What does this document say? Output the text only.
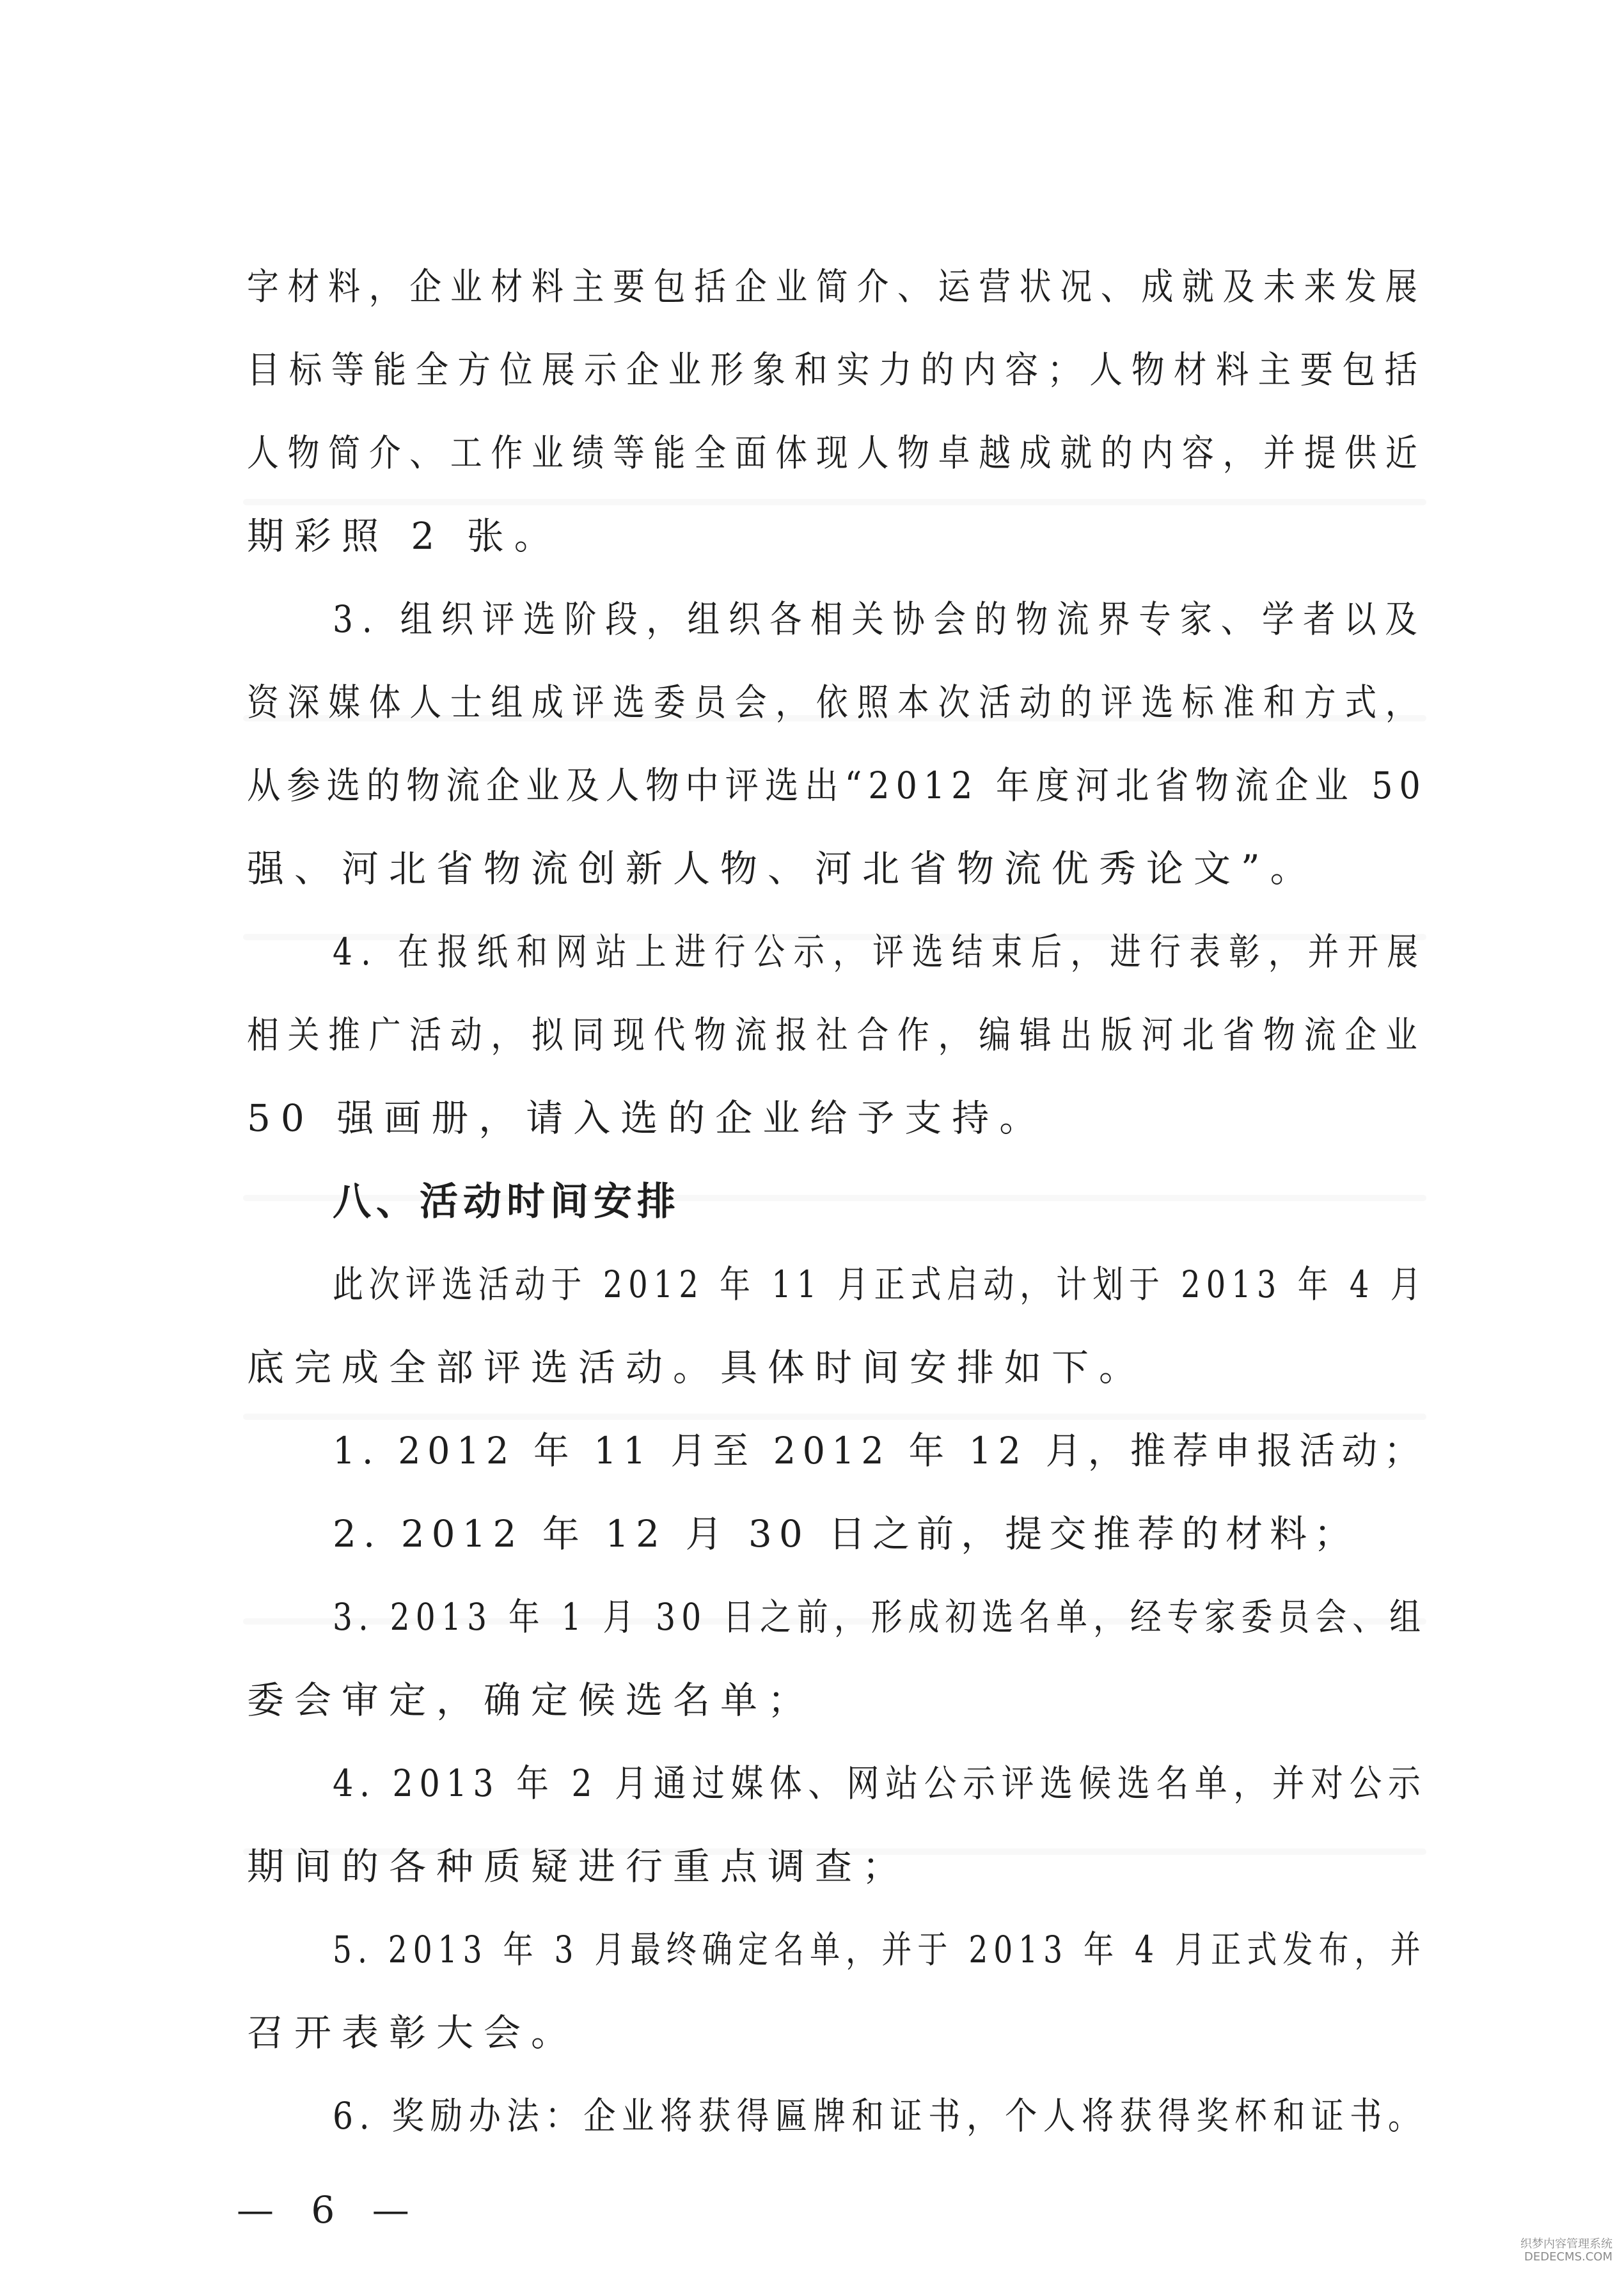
字材料，企业材料主要包括企业简介、运营状况、成就及未来发展
目标等能全方位展示企业形象和实力的内容；人物材料主要包括
人物简介、工作业绩等能全面体现人物卓越成就的内容，并提供近
期彩照 2 张。
3. 组织评选阶段，组织各相关协会的物流界专家、学者以及
资深媒体人士组成评选委员会，依照本次活动的评选标准和方式，
从参选的物流企业及人物中评选出“2012 年度河北省物流企业 50
强、河北省物流创新人物、河北省物流优秀论文”。
4. 在报纸和网站上进行公示，评选结束后，进行表彰，并开展
相关推广活动，拟同现代物流报社合作，编辑出版河北省物流企业
50 强画册，请入选的企业给予支持。
八、活动时间安排
此次评选活动于 2012 年 11 月正式启动，计划于 2013 年 4 月
底完成全部评选活动。具体时间安排如下。
1. 2012 年 11 月至 2012 年 12 月，推荐申报活动；
2. 2012 年 12 月 30 日之前，提交推荐的材料；
3. 2013 年 1 月 30 日之前，形成初选名单，经专家委员会、组
委会审定，确定候选名单；
4. 2013 年 2 月通过媒体、网站公示评选候选名单，并对公示
期间的各种质疑进行重点调查；
5. 2013 年 3 月最终确定名单，并于 2013 年 4 月正式发布，并
召开表彰大会。
6. 奖励办法：企业将获得匾牌和证书，个人将获得奖杯和证书。
— 6 —
织梦内容管理系统
DEDECMS.COM
